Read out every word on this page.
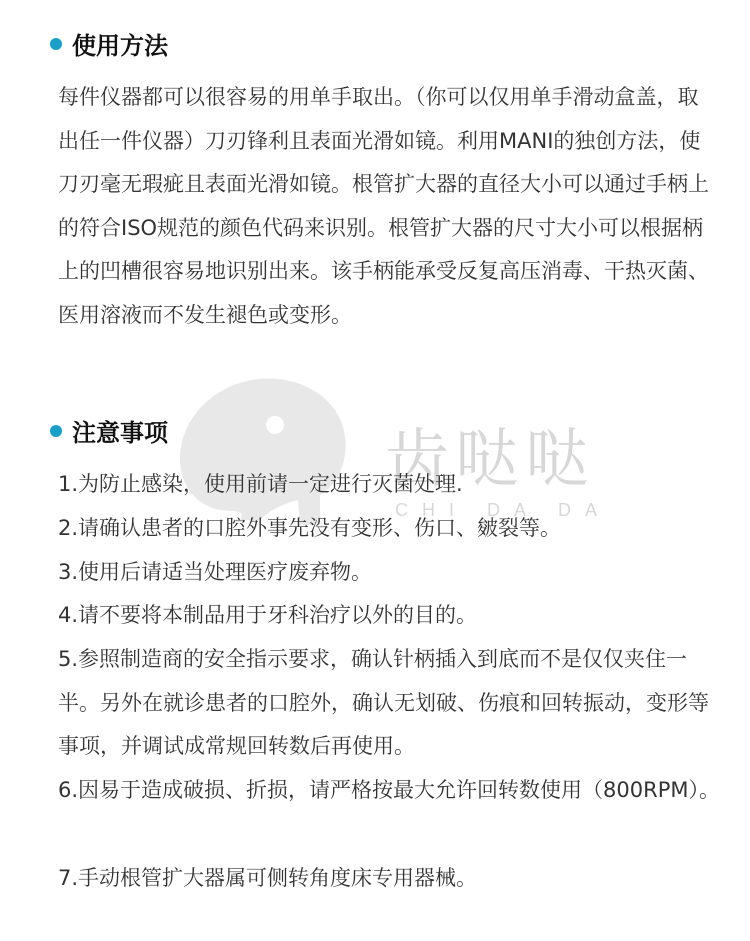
齿哒哒
CHI DA DA
使用方法

每件仪器都可以很容易的用单手取出。（你可以仅用单手滑动盒盖，取出任一件仪器）刀刃锋利且表面光滑如镜。利用MANI的独创方法，使刀刃毫无瑕疵且表面光滑如镜。根管扩大器的直径大小可以通过手柄上的符合ISO规范的颜色代码来识别。根管扩大器的尺寸大小可以根据柄上的凹槽很容易地识别出来。该手柄能承受反复高压消毒、干热灭菌、医用溶液而不发生褪色或变形。

注意事项

1.为防止感染，使用前请一定进行灭菌处理.

2.请确认患者的口腔外事先没有变形、伤口、皴裂等。

3.使用后请适当处理医疗废弃物。

4.请不要将本制品用于牙科治疗以外的目的。

5.参照制造商的安全指示要求，确认针柄插入到底而不是仅仅夹住一半。另外在就诊患者的口腔外，确认无划破、伤痕和回转振动，变形等事项，并调试成常规回转数后再使用。

6.因易于造成破损、折损，请严格按最大允许回转数使用（800RPM）。

7.手动根管扩大器属可侧转角度床专用器械。
